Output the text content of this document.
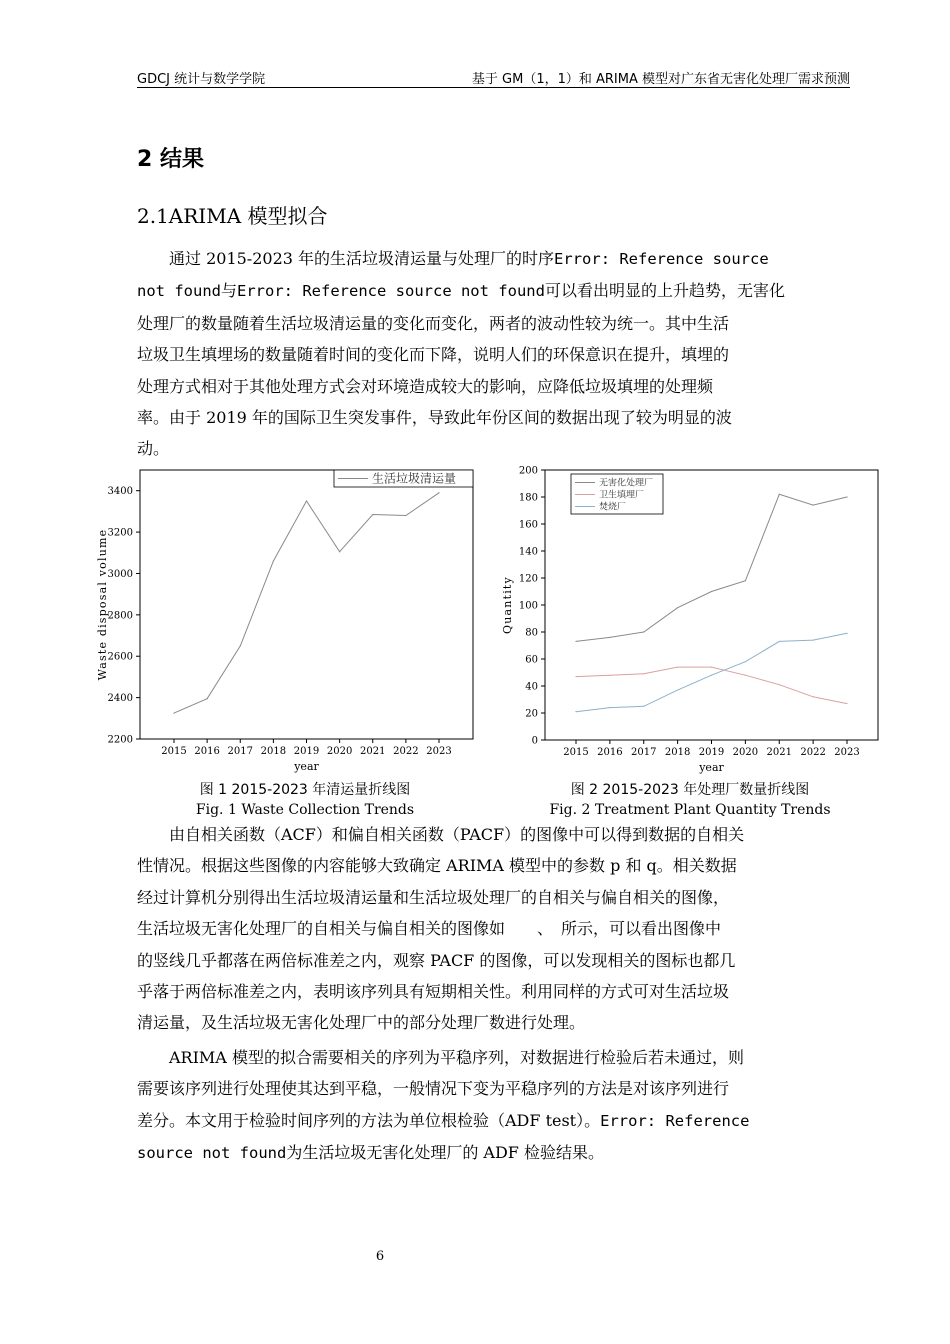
GDCJ 统计与数学学院	基于 GM（1，1）和 ARIMA 模型对广东省无害化处理厂需求预测
2 结果
2.1ARIMA 模型拟合
通过 2015-2023 年的生活垃圾清运量与处理厂的时序Error: Reference source
not found与Error: Reference source not found可以看出明显的上升趋势，无害化
处理厂的数量随着生活垃圾清运量的变化而变化，两者的波动性较为统一。其中生活
垃圾卫生填埋场的数量随着时间的变化而下降，说明人们的环保意识在提升，填埋的
处理方式相对于其他处理方式会对环境造成较大的影响，应降低垃圾填埋的处理频
率。由于 2019 年的国际卫生突发事件，导致此年份区间的数据出现了较为明显的波
动。
2200
2400
2600
2800
3000
3200
3400
2015 2016 2017 2018 2019 2020 2021 2022 2023
year
Waste disposal volume
生活垃圾清运量
0
20
40
60
80
100
120
140
160
180
200
2015 2016 2017 2018 2019 2020 2021 2022 2023
year
Quantity
无害化处理厂
卫生填埋厂
焚烧厂
图 1 2015-2023 年清运量折线图
Fig. 1 Waste Collection Trends
图 2 2015-2023 年处理厂数量折线图
Fig. 2 Treatment Plant Quantity Trends
由自相关函数（ACF）和偏自相关函数（PACF）的图像中可以得到数据的自相关
性情况。根据这些图像的内容能够大致确定 ARIMA 模型中的参数 p 和 q。相关数据
经过计算机分别得出生活垃圾清运量和生活垃圾处理厂的自相关与偏自相关的图像，
生活垃圾无害化处理厂的自相关与偏自相关的图像如　　、　所示，可以看出图像中
的竖线几乎都落在两倍标准差之内，观察 PACF 的图像，可以发现相关的图标也都几
乎落于两倍标准差之内，表明该序列具有短期相关性。利用同样的方式可对生活垃圾
清运量，及生活垃圾无害化处理厂中的部分处理厂数进行处理。
ARIMA 模型的拟合需要相关的序列为平稳序列，对数据进行检验后若未通过，则
需要该序列进行处理使其达到平稳，一般情况下变为平稳序列的方法是对该序列进行
差分。本文用于检验时间序列的方法为单位根检验（ADF test）。Error: Reference
source not found为生活垃圾无害化处理厂的 ADF 检验结果。
6
